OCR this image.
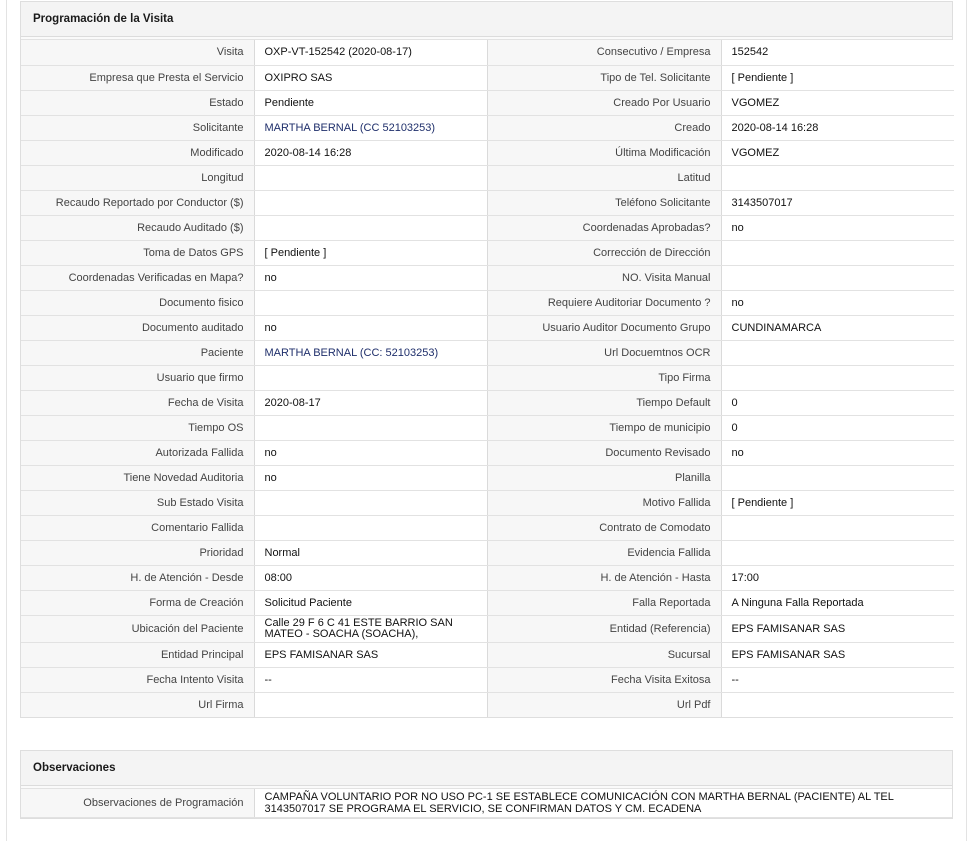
Programación de la Visita
Visita	OXP-VT-152542 (2020-08-17)	Consecutivo / Empresa	152542
Empresa que Presta el Servicio	OXIPRO SAS	Tipo de Tel. Solicitante	[ Pendiente ]
Estado	Pendiente	Creado Por Usuario	VGOMEZ
Solicitante	MARTHA BERNAL (CC 52103253)	Creado	2020-08-14 16:28
Modificado	2020-08-14 16:28	Última Modificación	VGOMEZ
Longitud		Latitud	
Recaudo Reportado por Conductor ($)		Teléfono Solicitante	3143507017
Recaudo Auditado ($)		Coordenadas Aprobadas?	no
Toma de Datos GPS	[ Pendiente ]	Corrección de Dirección	
Coordenadas Verificadas en Mapa?	no	NO. Visita Manual	
Documento fisico		Requiere Auditoriar Documento ?	no
Documento auditado	no	Usuario Auditor Documento Grupo	CUNDINAMARCA
Paciente	MARTHA BERNAL (CC: 52103253)	Url Docuemtnos OCR	
Usuario que firmo		Tipo Firma	
Fecha de Visita	2020-08-17	Tiempo Default	0
Tiempo OS		Tiempo de municipio	0
Autorizada Fallida	no	Documento Revisado	no
Tiene Novedad Auditoria	no	Planilla	
Sub Estado Visita		Motivo Fallida	[ Pendiente ]
Comentario Fallida		Contrato de Comodato	
Prioridad	Normal	Evidencia Fallida	
H. de Atención - Desde	08:00	H. de Atención - Hasta	17:00
Forma de Creación	Solicitud Paciente	Falla Reportada	A Ninguna Falla Reportada
Ubicación del Paciente	Calle 29 F 6 C 41 ESTE BARRIO SAN MATEO - SOACHA (SOACHA),	Entidad (Referencia)	EPS FAMISANAR SAS
Entidad Principal	EPS FAMISANAR SAS	Sucursal	EPS FAMISANAR SAS
Fecha Intento Visita	--	Fecha Visita Exitosa	--
Url Firma		Url Pdf	
Observaciones
Observaciones de Programación	CAMPAÑA VOLUNTARIO POR NO USO PC-1 SE ESTABLECE COMUNICACIÓN CON MARTHA BERNAL (PACIENTE) AL TEL 3143507017 SE PROGRAMA EL SERVICIO, SE CONFIRMAN DATOS Y CM. ECADENA
